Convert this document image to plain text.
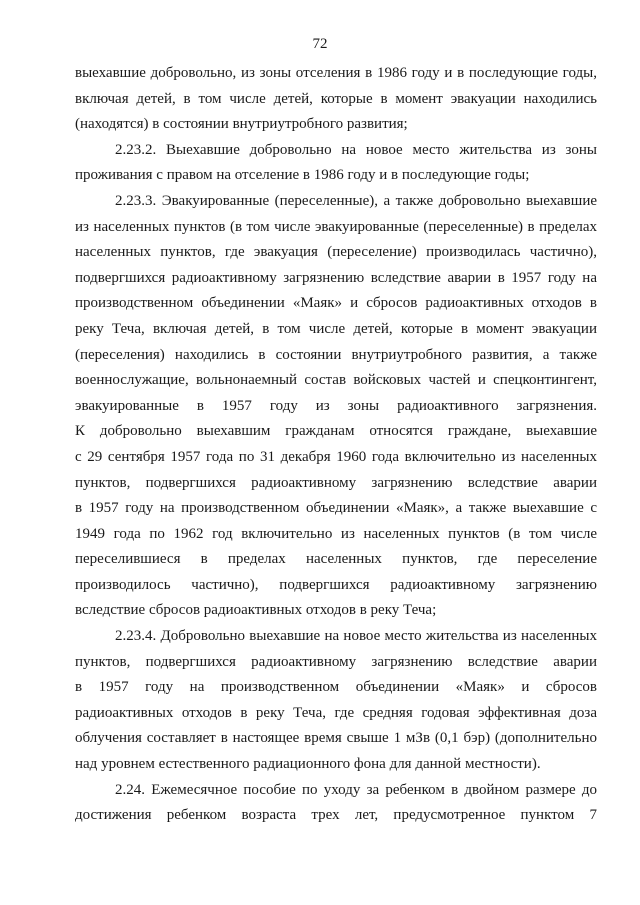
72
выехавшие добровольно, из зоны отселения в 1986 году и в последующие годы,
включая детей, в том числе детей, которые в момент эвакуации находились
(находятся) в состоянии внутриутробного развития;
2.23.2. Выехавшие добровольно на новое место жительства из зоны
проживания с правом на отселение в 1986 году и в последующие годы;
2.23.3. Эвакуированные (переселенные), а также добровольно выехавшие
из населенных пунктов (в том числе эвакуированные (переселенные) в пределах
населенных пунктов, где эвакуация (переселение) производилась частично),
подвергшихся радиоактивному загрязнению вследствие аварии в 1957 году на
производственном объединении «Маяк» и сбросов радиоактивных отходов в
реку Теча, включая детей, в том числе детей, которые в момент эвакуации
(переселения) находились в состоянии внутриутробного развития, а также
военнослужащие, вольнонаемный состав войсковых частей и спецконтингент,
эвакуированные в 1957 году из зоны радиоактивного загрязнения.
К добровольно выехавшим гражданам относятся граждане, выехавшие
с 29 сентября 1957 года по 31 декабря 1960 года включительно из населенных
пунктов, подвергшихся радиоактивному загрязнению вследствие аварии
в 1957 году на производственном объединении «Маяк», а также выехавшие с
1949 года по 1962 год включительно из населенных пунктов (в том числе
переселившиеся в пределах населенных пунктов, где переселение
производилось частично), подвергшихся радиоактивному загрязнению
вследствие сбросов радиоактивных отходов в реку Теча;
2.23.4. Добровольно выехавшие на новое место жительства из населенных
пунктов, подвергшихся радиоактивному загрязнению вследствие аварии
в 1957 году на производственном объединении «Маяк» и сбросов
радиоактивных отходов в реку Теча, где средняя годовая эффективная доза
облучения составляет в настоящее время свыше 1 мЗв (0,1 бэр) (дополнительно
над уровнем естественного радиационного фона для данной местности).
2.24. Ежемесячное пособие по уходу за ребенком в двойном размере до
достижения ребенком возраста трех лет, предусмотренное пунктом 7
